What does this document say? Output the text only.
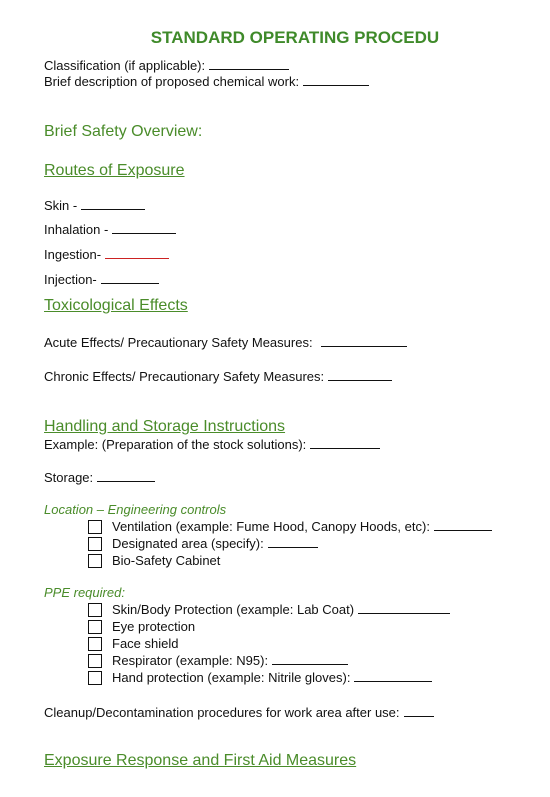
STANDARD OPERATING PROCEDU
Classification (if applicable):
Brief description of proposed chemical work:
Brief Safety Overview:
Routes of Exposure
Skin -
Inhalation -
Ingestion-
Injection-
Toxicological Effects
Acute Effects/ Precautionary Safety Measures:
Chronic Effects/ Precautionary Safety Measures:
Handling and Storage Instructions
Example: (Preparation of the stock solutions):
Storage:
Location – Engineering controls
Ventilation (example: Fume Hood, Canopy Hoods, etc):
Designated area (specify):
Bio-Safety Cabinet
PPE required:
Skin/Body Protection (example: Lab Coat)
Eye protection
Face shield
Respirator (example: N95):
Hand protection (example: Nitrile gloves):
Cleanup/Decontamination procedures for work area after use:
Exposure Response and First Aid Measures
